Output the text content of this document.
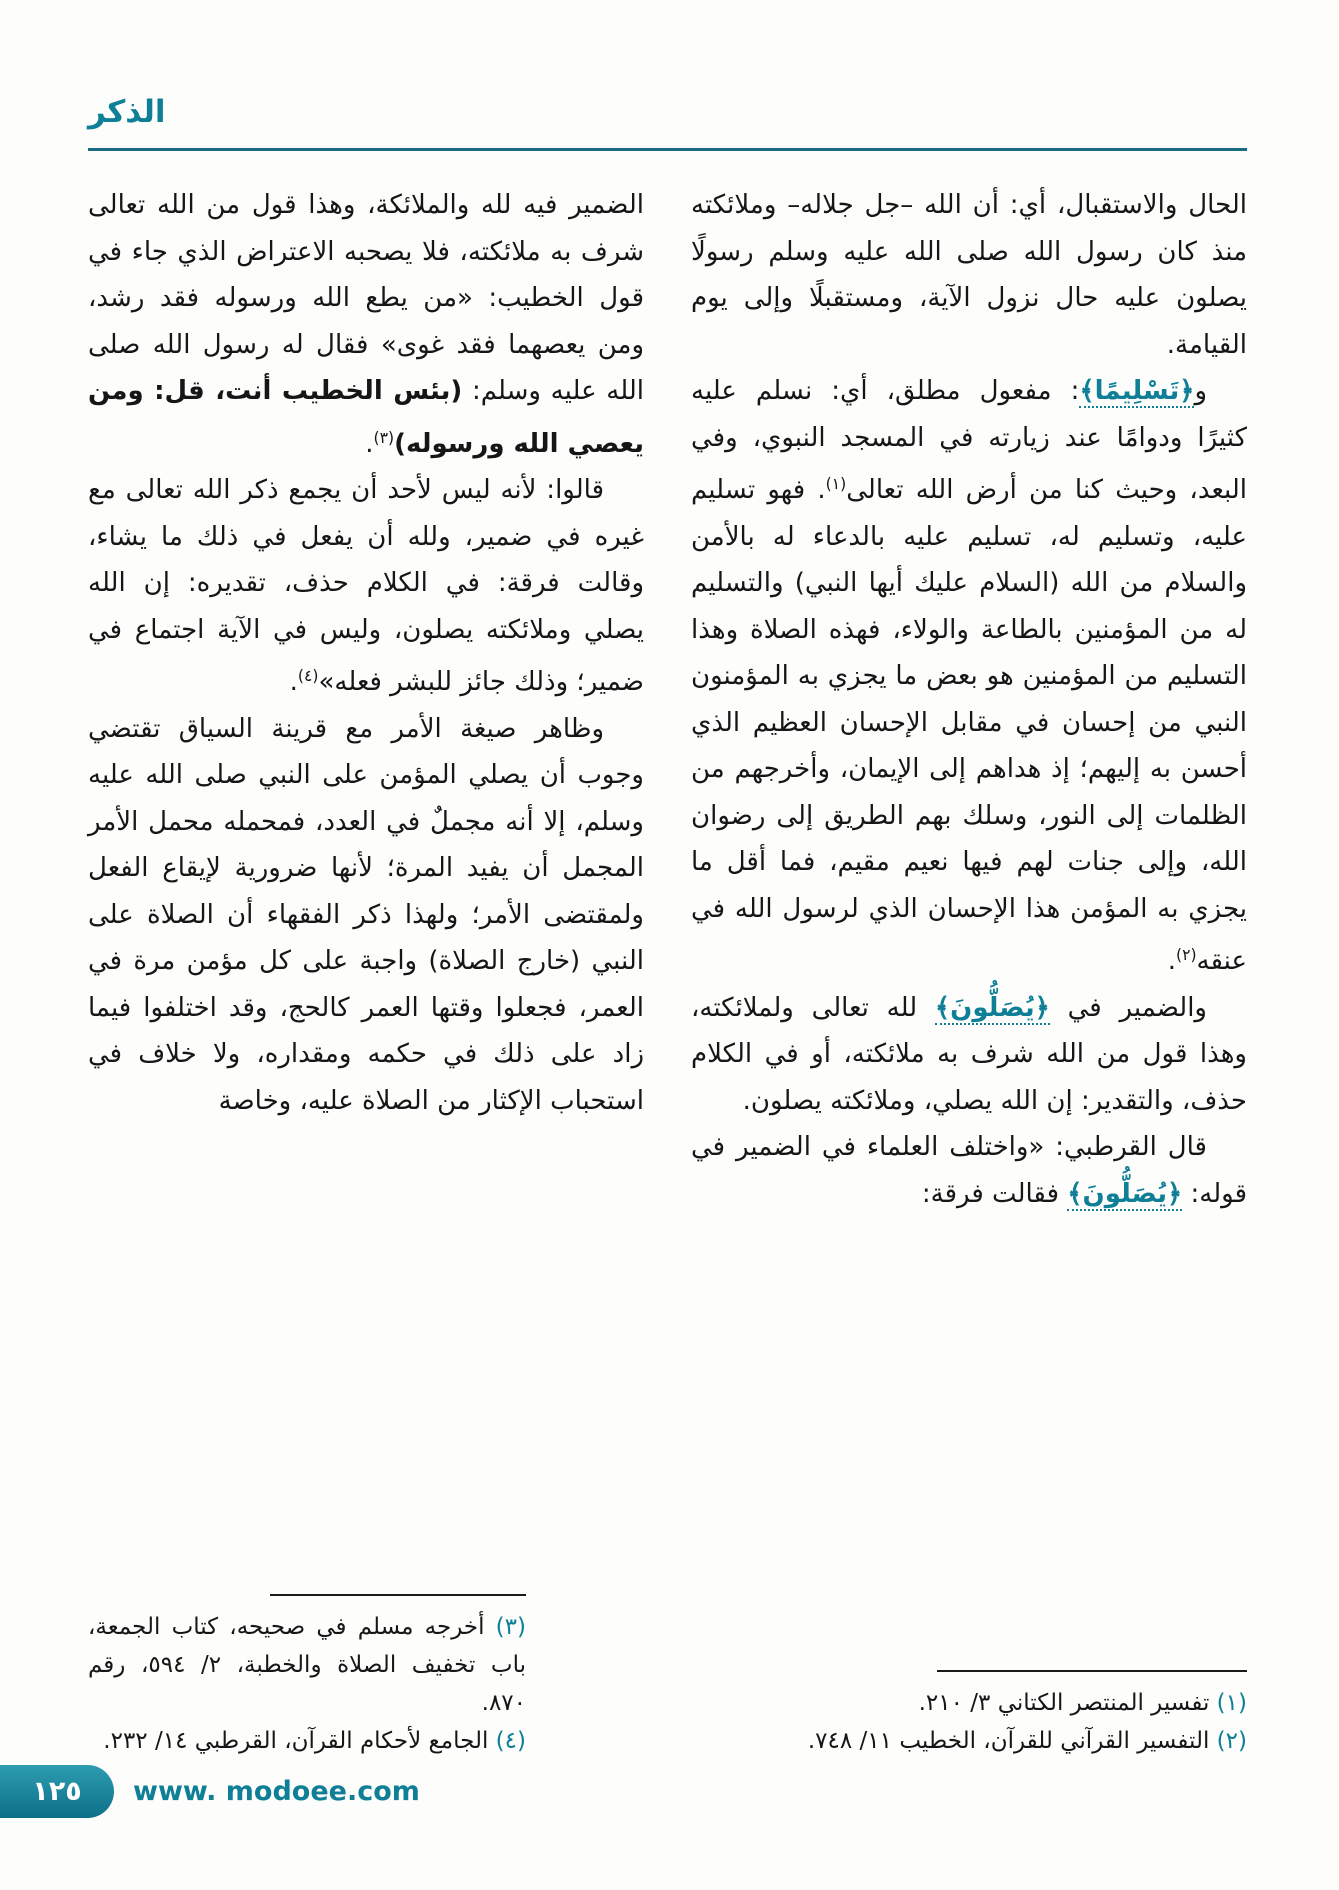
الذكر

الحال والاستقبال، أي: أن الله –جل جلاله– وملائكته منذ كان رسول الله صلى الله عليه وسلم رسولًا يصلون عليه حال نزول الآية، ومستقبلًا وإلى يوم القيامة.

و﴿تَسْلِيمًا﴾: مفعول مطلق، أي: نسلم عليه كثيرًا ودوامًا عند زيارته في المسجد النبوي، وفي البعد، وحيث كنا من أرض الله تعالى$^{(١)}$. فهو تسليم عليه، وتسليم له، تسليم عليه بالدعاء له بالأمن والسلام من الله (السلام عليك أيها النبي) والتسليم له من المؤمنين بالطاعة والولاء، فهذه الصلاة وهذا التسليم من المؤمنين هو بعض ما يجزي به المؤمنون النبي من إحسان في مقابل الإحسان العظيم الذي أحسن به إليهم؛ إذ هداهم إلى الإيمان، وأخرجهم من الظلمات إلى النور، وسلك بهم الطريق إلى رضوان الله، وإلى جنات لهم فيها نعيم مقيم، فما أقل ما يجزي به المؤمن هذا الإحسان الذي لرسول الله في عنقه$^{(٢)}$.

والضمير في ﴿يُصَلُّونَ﴾ لله تعالى ولملائكته، وهذا قول من الله شرف به ملائكته، أو في الكلام حذف، والتقدير: إن الله يصلي، وملائكته يصلون.

قال القرطبي: «واختلف العلماء في الضمير في قوله: ﴿يُصَلُّونَ﴾ فقالت فرقة:

(١) تفسير المنتصر الكتاني ٣/ ٢١٠.
(٢) التفسير القرآني للقرآن، الخطيب ١١/ ٧٤٨.

الضمير فيه لله والملائكة، وهذا قول من الله تعالى شرف به ملائكته، فلا يصحبه الاعتراض الذي جاء في قول الخطيب: «من يطع الله ورسوله فقد رشد، ومن يعصهما فقد غوى» فقال له رسول الله صلى الله عليه وسلم: (بئس الخطيب أنت، قل: ومن يعصي الله ورسوله)$^{(٣)}$.

قالوا: لأنه ليس لأحد أن يجمع ذكر الله تعالى مع غيره في ضمير، ولله أن يفعل في ذلك ما يشاء، وقالت فرقة: في الكلام حذف، تقديره: إن الله يصلي وملائكته يصلون، وليس في الآية اجتماع في ضمير؛ وذلك جائز للبشر فعله»$^{(٤)}$.

وظاهر صيغة الأمر مع قرينة السياق تقتضي وجوب أن يصلي المؤمن على النبي صلى الله عليه وسلم، إلا أنه مجملٌ في العدد، فمحمله محمل الأمر المجمل أن يفيد المرة؛ لأنها ضرورية لإيقاع الفعل ولمقتضى الأمر؛ ولهذا ذكر الفقهاء أن الصلاة على النبي (خارج الصلاة) واجبة على كل مؤمن مرة في العمر، فجعلوا وقتها العمر كالحج، وقد اختلفوا فيما زاد على ذلك في حكمه ومقداره، ولا خلاف في استحباب الإكثار من الصلاة عليه، وخاصة

(٣) أخرجه مسلم في صحيحه، كتاب الجمعة، باب تخفيف الصلاة والخطبة، ٢/ ٥٩٤، رقم ٨٧٠.
(٤) الجامع لأحكام القرآن، القرطبي ١٤/ ٢٣٢.
١٢٥ www. modoee.com
